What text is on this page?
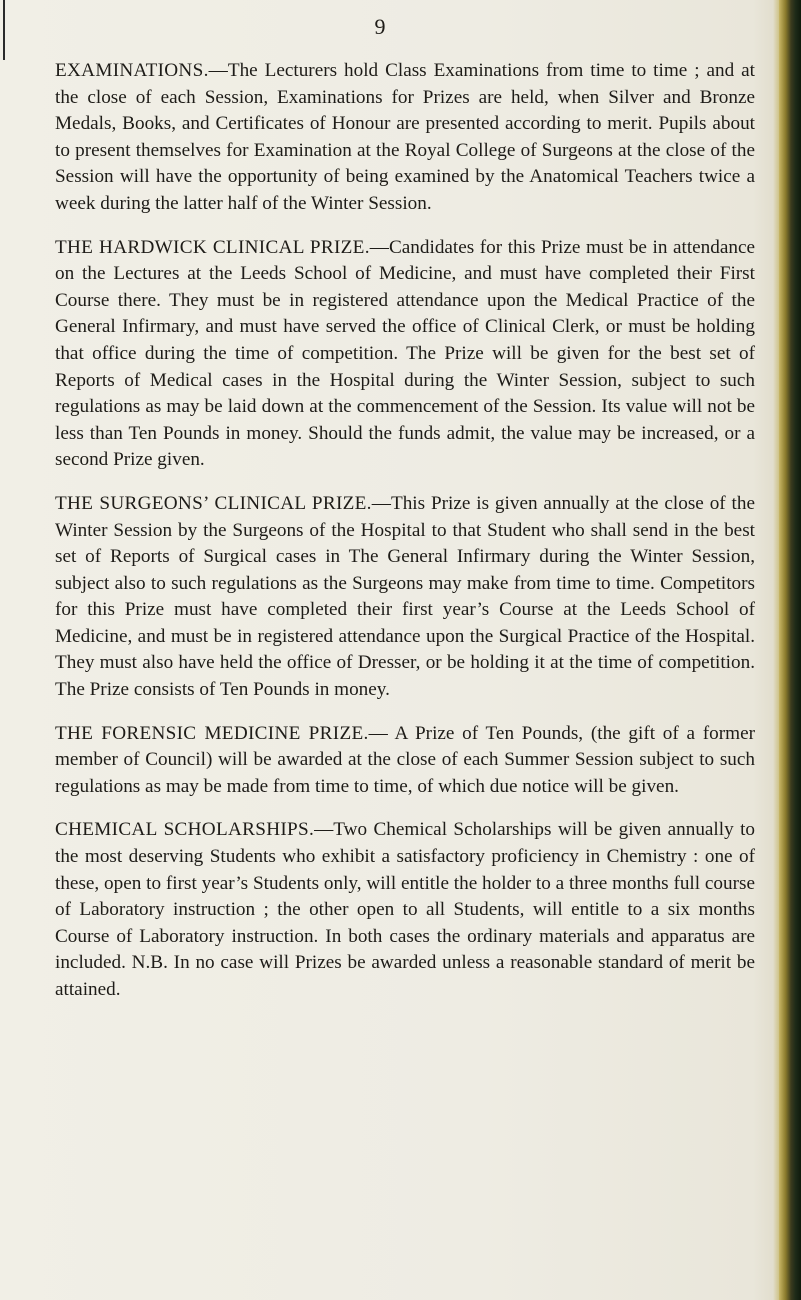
9

EXAMINATIONS.—The Lecturers hold Class Examinations from time to time ; and at the close of each Session, Examinations for Prizes are held, when Silver and Bronze Medals, Books, and Certificates of Honour are presented according to merit. Pupils about to present themselves for Examination at the Royal College of Surgeons at the close of the Session will have the opportunity of being examined by the Anatomical Teachers twice a week during the latter half of the Winter Session.

THE HARDWICK CLINICAL PRIZE.—Candidates for this Prize must be in attendance on the Lectures at the Leeds School of Medicine, and must have completed their First Course there. They must be in registered attendance upon the Medical Practice of the General Infirmary, and must have served the office of Clinical Clerk, or must be holding that office during the time of competition. The Prize will be given for the best set of Reports of Medical cases in the Hospital during the Winter Session, subject to such regulations as may be laid down at the commencement of the Session. Its value will not be less than Ten Pounds in money. Should the funds admit, the value may be increased, or a second Prize given.

THE SURGEONS’ CLINICAL PRIZE.—This Prize is given annually at the close of the Winter Session by the Surgeons of the Hospital to that Student who shall send in the best set of Reports of Surgical cases in The General Infirmary during the Winter Session, subject also to such regulations as the Surgeons may make from time to time. Competitors for this Prize must have completed their first year’s Course at the Leeds School of Medicine, and must be in registered attendance upon the Surgical Practice of the Hospital. They must also have held the office of Dresser, or be holding it at the time of competition. The Prize consists of Ten Pounds in money.

THE FORENSIC MEDICINE PRIZE.— A Prize of Ten Pounds, (the gift of a former member of Council) will be awarded at the close of each Summer Session subject to such regulations as may be made from time to time, of which due notice will be given.

CHEMICAL SCHOLARSHIPS.—Two Chemical Scholarships will be given annually to the most deserving Students who exhibit a satisfactory proficiency in Chemistry : one of these, open to first year’s Students only, will entitle the holder to a three months full course of Laboratory instruction ; the other open to all Students, will entitle to a six months Course of Laboratory instruction. In both cases the ordinary materials and apparatus are included. N.B. In no case will Prizes be awarded unless a reasonable standard of merit be attained.
